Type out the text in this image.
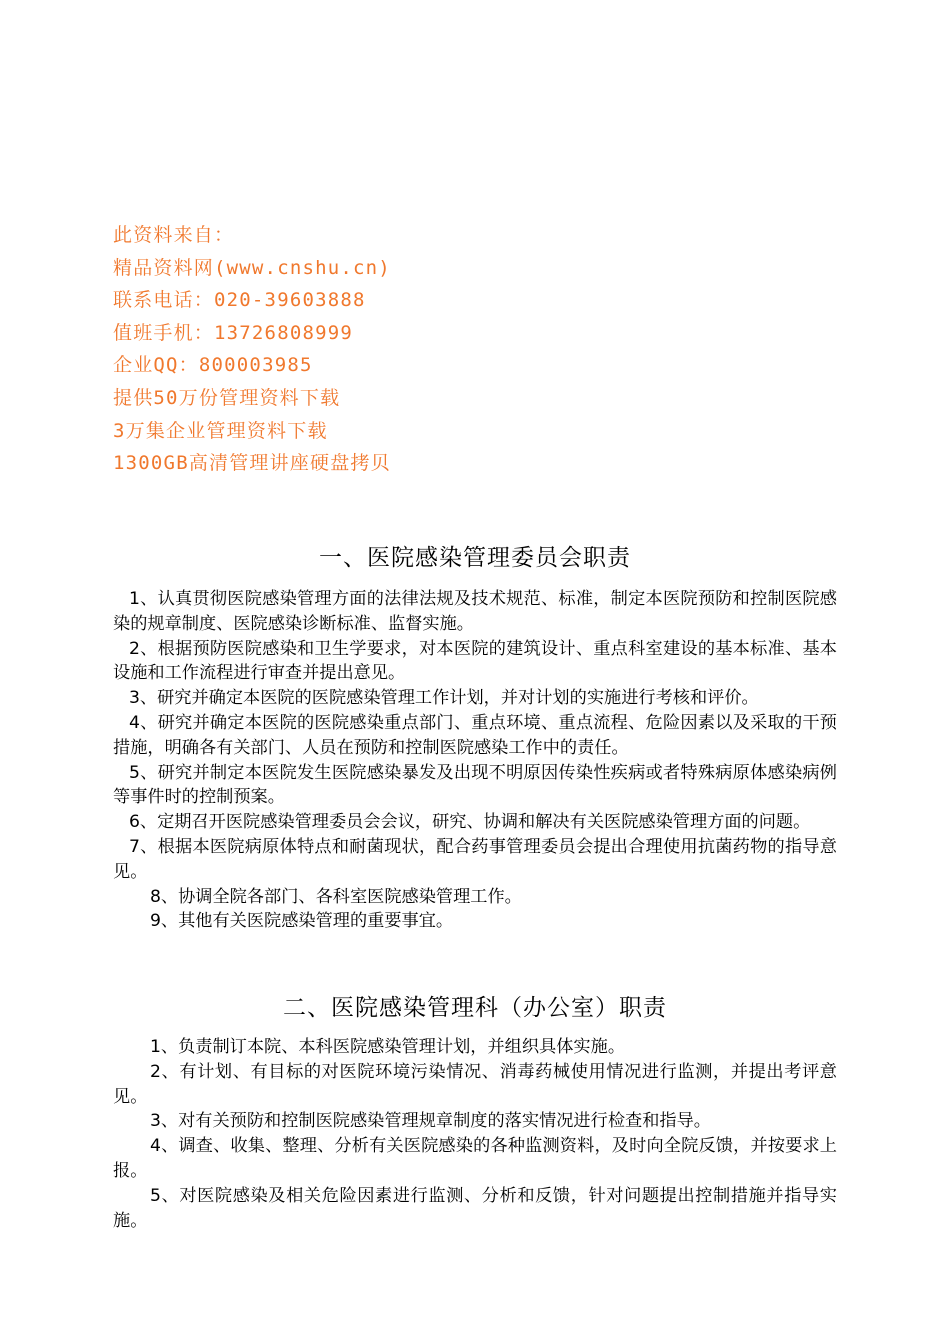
此资料来自：
精品资料网(www.cnshu.cn)
联系电话：020-39603888
值班手机：13726808999
企业QQ：800003985
提供50万份管理资料下载
3万集企业管理资料下载
1300GB高清管理讲座硬盘拷贝
一、医院感染管理委员会职责

1、认真贯彻医院感染管理方面的法律法规及技术规范、标准，制定本医院预防和控制医院感染的规章制度、医院感染诊断标准、监督实施。

2、根据预防医院感染和卫生学要求，对本医院的建筑设计、重点科室建设的基本标准、基本设施和工作流程进行审查并提出意见。

3、研究并确定本医院的医院感染管理工作计划，并对计划的实施进行考核和评价。

4、研究并确定本医院的医院感染重点部门、重点环境、重点流程、危险因素以及采取的干预措施，明确各有关部门、人员在预防和控制医院感染工作中的责任。

5、研究并制定本医院发生医院感染暴发及出现不明原因传染性疾病或者特殊病原体感染病例等事件时的控制预案。

6、定期召开医院感染管理委员会会议，研究、协调和解决有关医院感染管理方面的问题。

7、根据本医院病原体特点和耐菌现状，配合药事管理委员会提出合理使用抗菌药物的指导意见。

8、协调全院各部门、各科室医院感染管理工作。

9、其他有关医院感染管理的重要事宜。

二、医院感染管理科（办公室）职责

1、负责制订本院、本科医院感染管理计划，并组织具体实施。

2、有计划、有目标的对医院环境污染情况、消毒药械使用情况进行监测，并提出考评意见。

3、对有关预防和控制医院感染管理规章制度的落实情况进行检查和指导。

4、调查、收集、整理、分析有关医院感染的各种监测资料，及时向全院反馈，并按要求上报。

5、对医院感染及相关危险因素进行监测、分析和反馈，针对问题提出控制措施并指导实施。
